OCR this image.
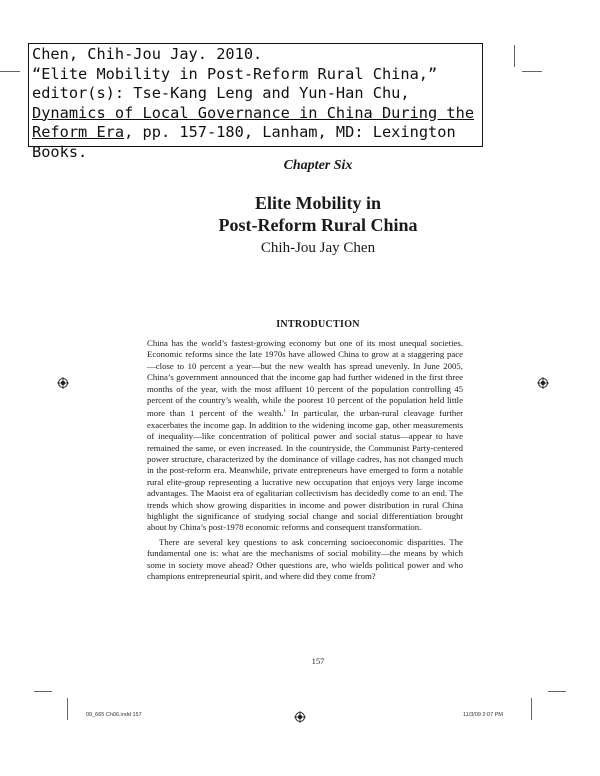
Chen, Chih-Jou Jay. 2010.
“Elite Mobility in Post-Reform Rural China,”
editor(s): Tse-Kang Leng and Yun-Han Chu,
Dynamics of Local Governance in China During the
Reform Era, pp. 157-180, Lanham, MD: Lexington
Books.
Chapter Six
Elite Mobility in
Post-Reform Rural China
Chih-Jou Jay Chen
INTRODUCTION

China has the world’s fastest-growing economy but one of its most unequal societies. Economic reforms since the late 1970s have allowed China to grow at a staggering pace—close to 10 percent a year—but the new wealth has spread unevenly. In June 2005, China’s government announced that the income gap had further widened in the first three months of the year, with the most affluent 10 percent of the population controlling 45 percent of the country’s wealth, while the poorest 10 percent of the population held little more than 1 percent of the wealth.$^1$ In particular, the urban-rural cleavage further exacerbates the income gap. In addition to the widening income gap, other measurements of inequality—like concentration of political power and social status—appear to have remained the same, or even increased. In the countryside, the Communist Party-centered power structure, characterized by the dominance of village cadres, has not changed much in the post-reform era. Meanwhile, private entrepreneurs have emerged to form a notable rural elite-group representing a lucrative new occupation that enjoys very large income advantages. The Maoist era of egalitarian collectivism has decidedly come to an end. The trends which show growing disparities in income and power distribution in rural China highlight the significance of studying social change and social differentiation brought about by China’s post-1978 economic reforms and consequent transformation.

There are several key questions to ask concerning socioeconomic disparities. The fundamental one is: what are the mechanisms of social mobility—the means by which some in society move ahead? Other questions are, who wields political power and who champions entrepreneurial spirit, and where did they come from?

157
09_665 Ch06.indd 157	11/3/09 2:07 PM
